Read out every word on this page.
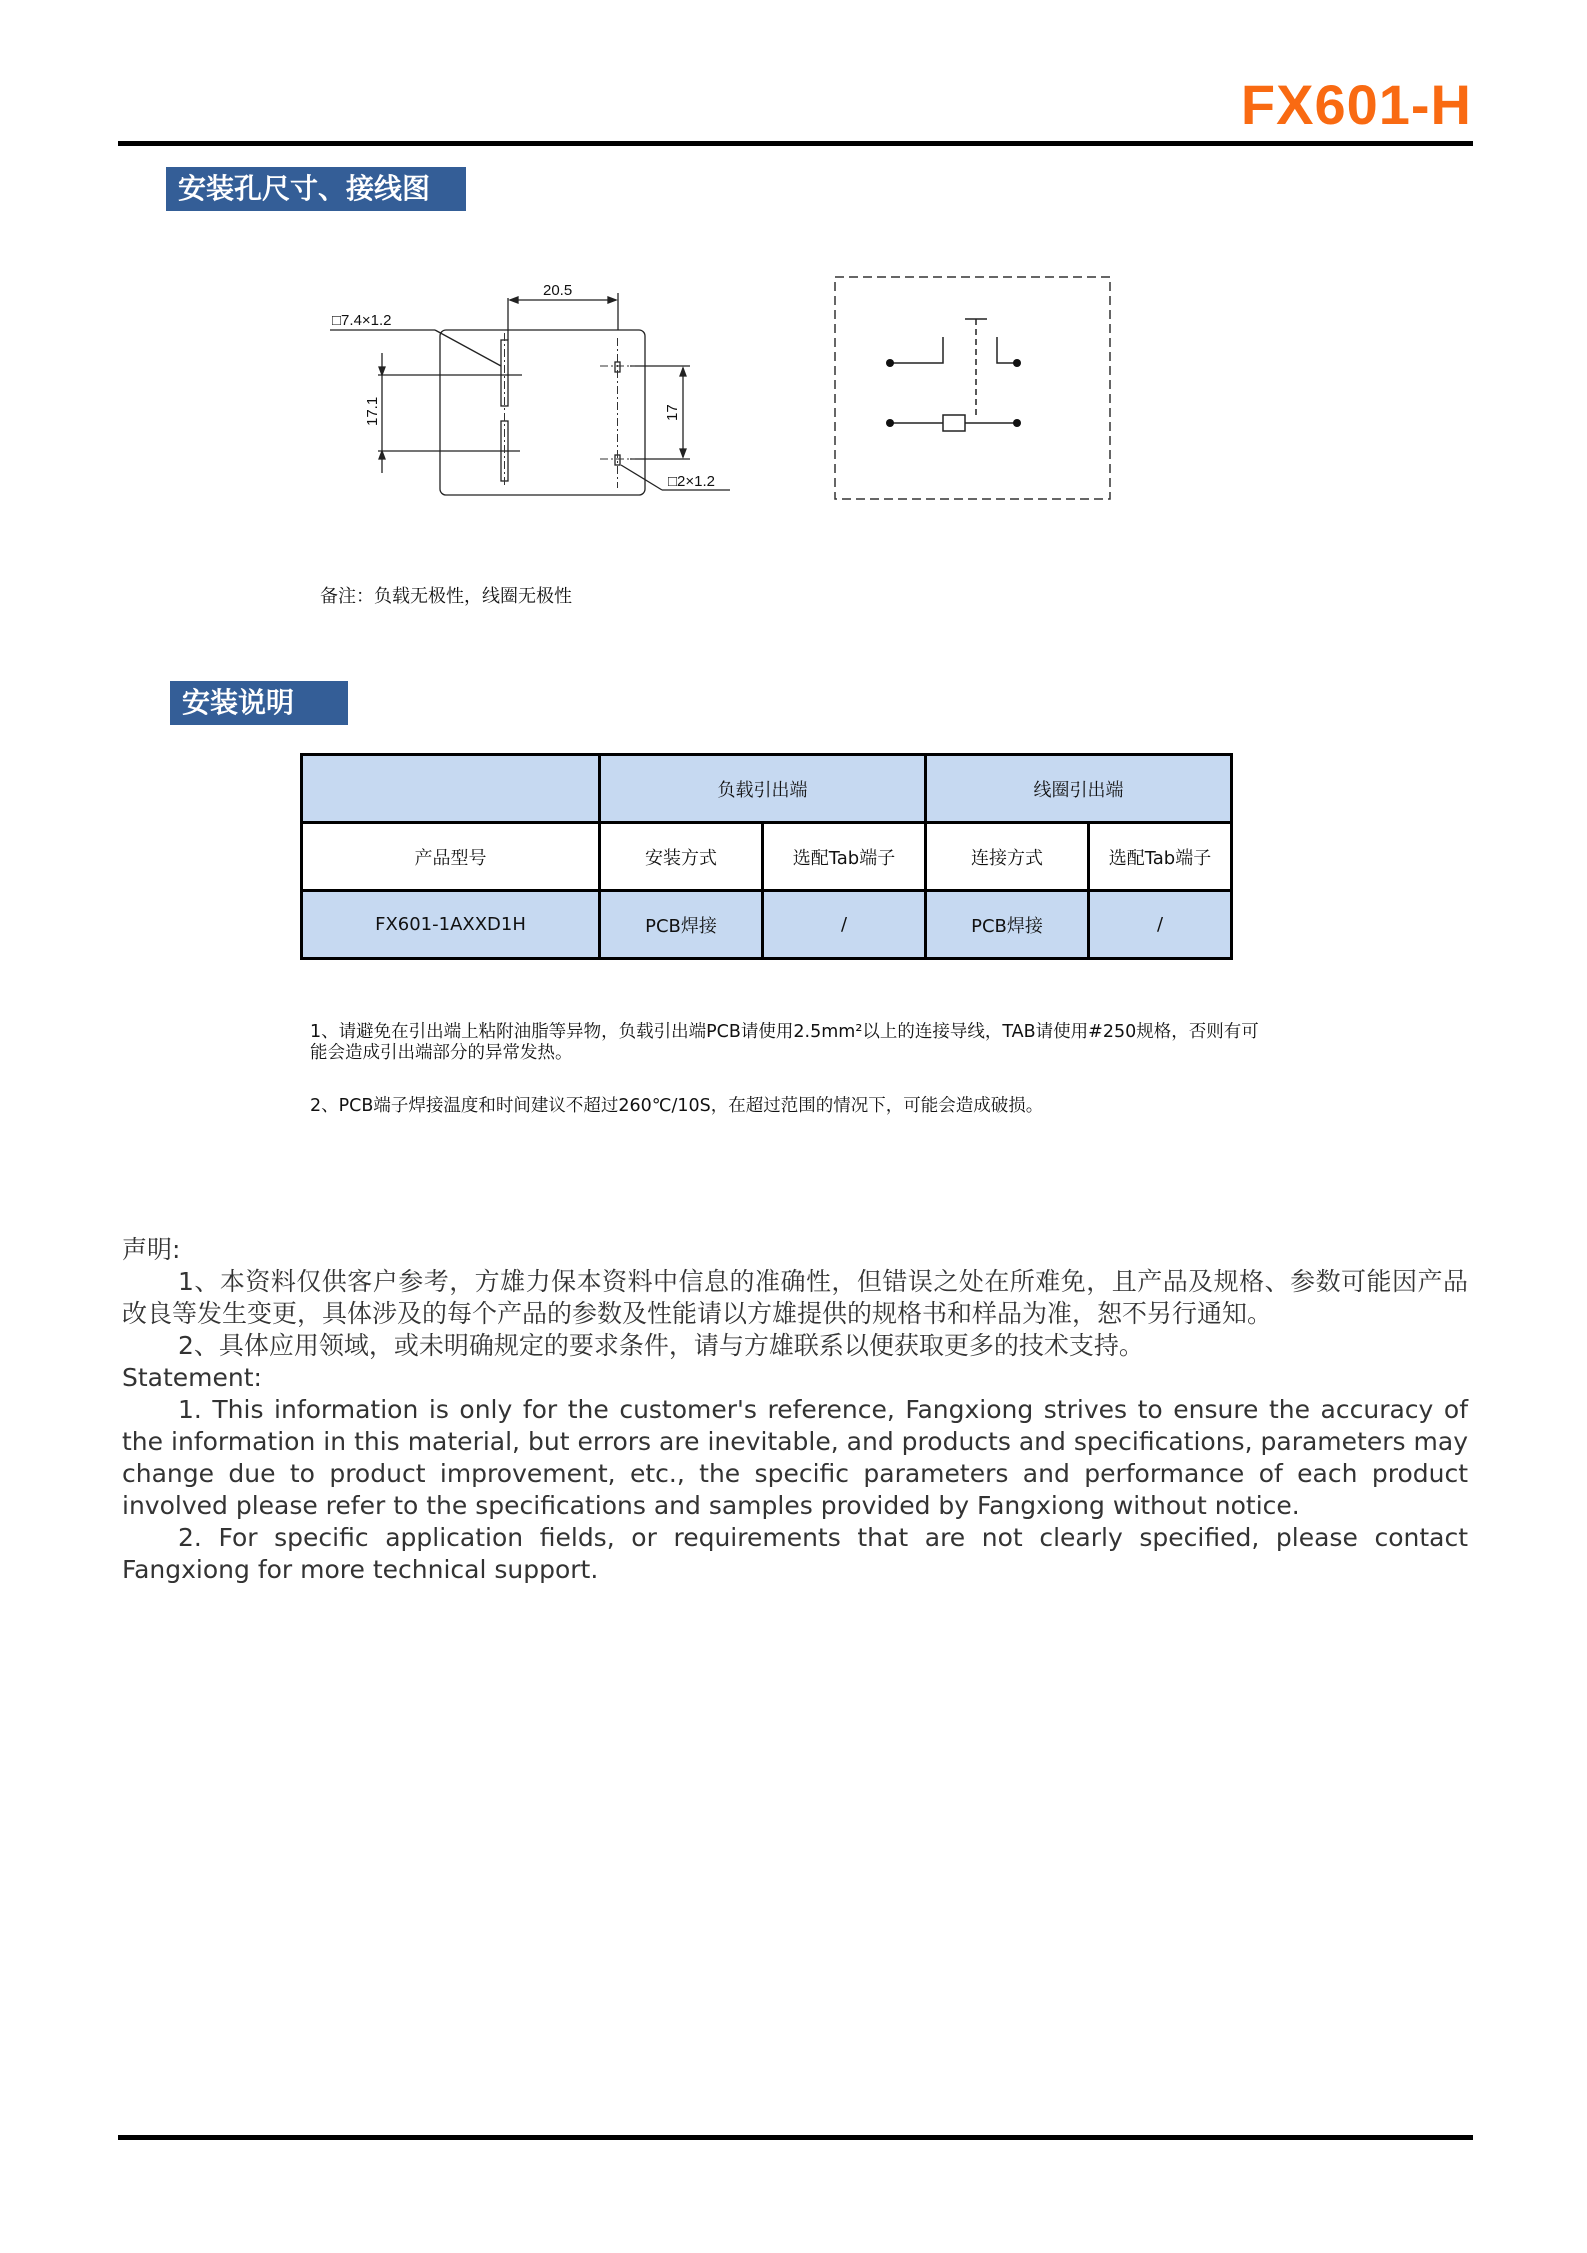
FX601-H
安装孔尺寸、接线图
20.5
□7.4×1.2
17.1	17
□2×1.2
备注：负载无极性，线圈无极性
安装说明
	负载引出端		线圈引出端	
产品型号	安装方式	选配Tab端子	连接方式	选配Tab端子
FX601-1AXXD1H	PCB焊接	/	PCB焊接	/
1、请避免在引出端上粘附油脂等异物，负载引出端PCB请使用2.5mm²以上的连接导线，TAB请使用#250规格，否则有可能会造成引出端部分的异常发热。
2、PCB端子焊接温度和时间建议不超过260℃/10S，在超过范围的情况下，可能会造成破损。

声明:

1、本资料仅供客户参考，方雄力保本资料中信息的准确性，但错误之处在所难免，且产品及规格、参数可能因产品改良等发生变更，具体涉及的每个产品的参数及性能请以方雄提供的规格书和样品为准，恕不另行通知。

2、具体应用领域，或未明确规定的要求条件，请与方雄联系以便获取更多的技术支持。

Statement:

1. This information is only for the customer's reference, Fangxiong strives to ensure the accuracy of the information in this material, but errors are inevitable, and products and specifications, parameters may change due to product improvement, etc., the specific parameters and performance of each product involved please refer to the specifications and samples provided by Fangxiong without notice.

2. For specific application fields, or requirements that are not clearly specified, please contact Fangxiong for more technical support.
